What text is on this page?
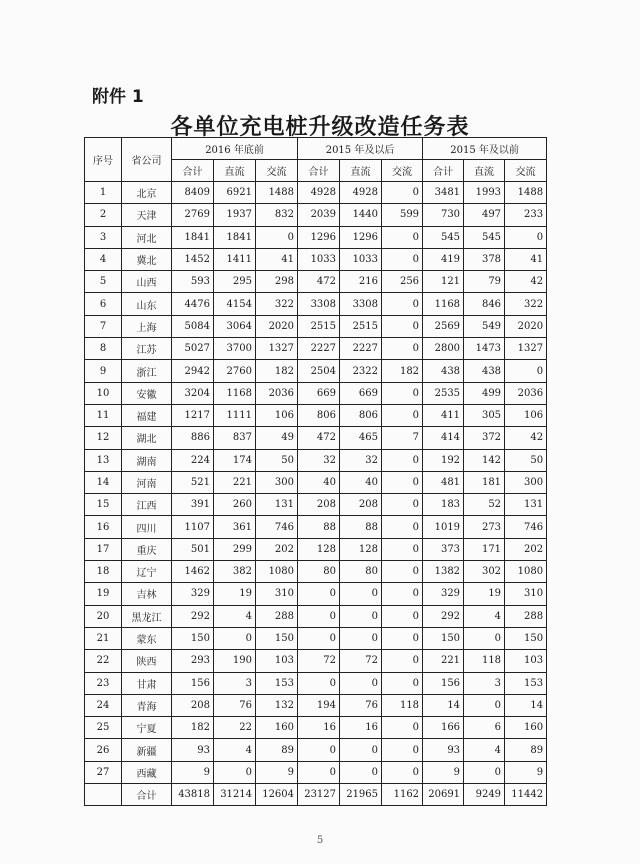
附件 1
各单位充电桩升级改造任务表
序号	省公司	2016 年底前			2015 年及以后			2015 年及以前		
		合计	直流	交流	合计	直流	交流	合计	直流	交流
1	北京	8409	6921	1488	4928	4928	0	3481	1993	1488
2	天津	2769	1937	832	2039	1440	599	730	497	233
3	河北	1841	1841	0	1296	1296	0	545	545	0
4	冀北	1452	1411	41	1033	1033	0	419	378	41
5	山西	593	295	298	472	216	256	121	79	42
6	山东	4476	4154	322	3308	3308	0	1168	846	322
7	上海	5084	3064	2020	2515	2515	0	2569	549	2020
8	江苏	5027	3700	1327	2227	2227	0	2800	1473	1327
9	浙江	2942	2760	182	2504	2322	182	438	438	0
10	安徽	3204	1168	2036	669	669	0	2535	499	2036
11	福建	1217	1111	106	806	806	0	411	305	106
12	湖北	886	837	49	472	465	7	414	372	42
13	湖南	224	174	50	32	32	0	192	142	50
14	河南	521	221	300	40	40	0	481	181	300
15	江西	391	260	131	208	208	0	183	52	131
16	四川	1107	361	746	88	88	0	1019	273	746
17	重庆	501	299	202	128	128	0	373	171	202
18	辽宁	1462	382	1080	80	80	0	1382	302	1080
19	吉林	329	19	310	0	0	0	329	19	310
20	黑龙江	292	4	288	0	0	0	292	4	288
21	蒙东	150	0	150	0	0	0	150	0	150
22	陕西	293	190	103	72	72	0	221	118	103
23	甘肃	156	3	153	0	0	0	156	3	153
24	青海	208	76	132	194	76	118	14	0	14
25	宁夏	182	22	160	16	16	0	166	6	160
26	新疆	93	4	89	0	0	0	93	4	89
27	西藏	9	0	9	0	0	0	9	0	9
	合计	43818	31214	12604	23127	21965	1162	20691	9249	11442
5
